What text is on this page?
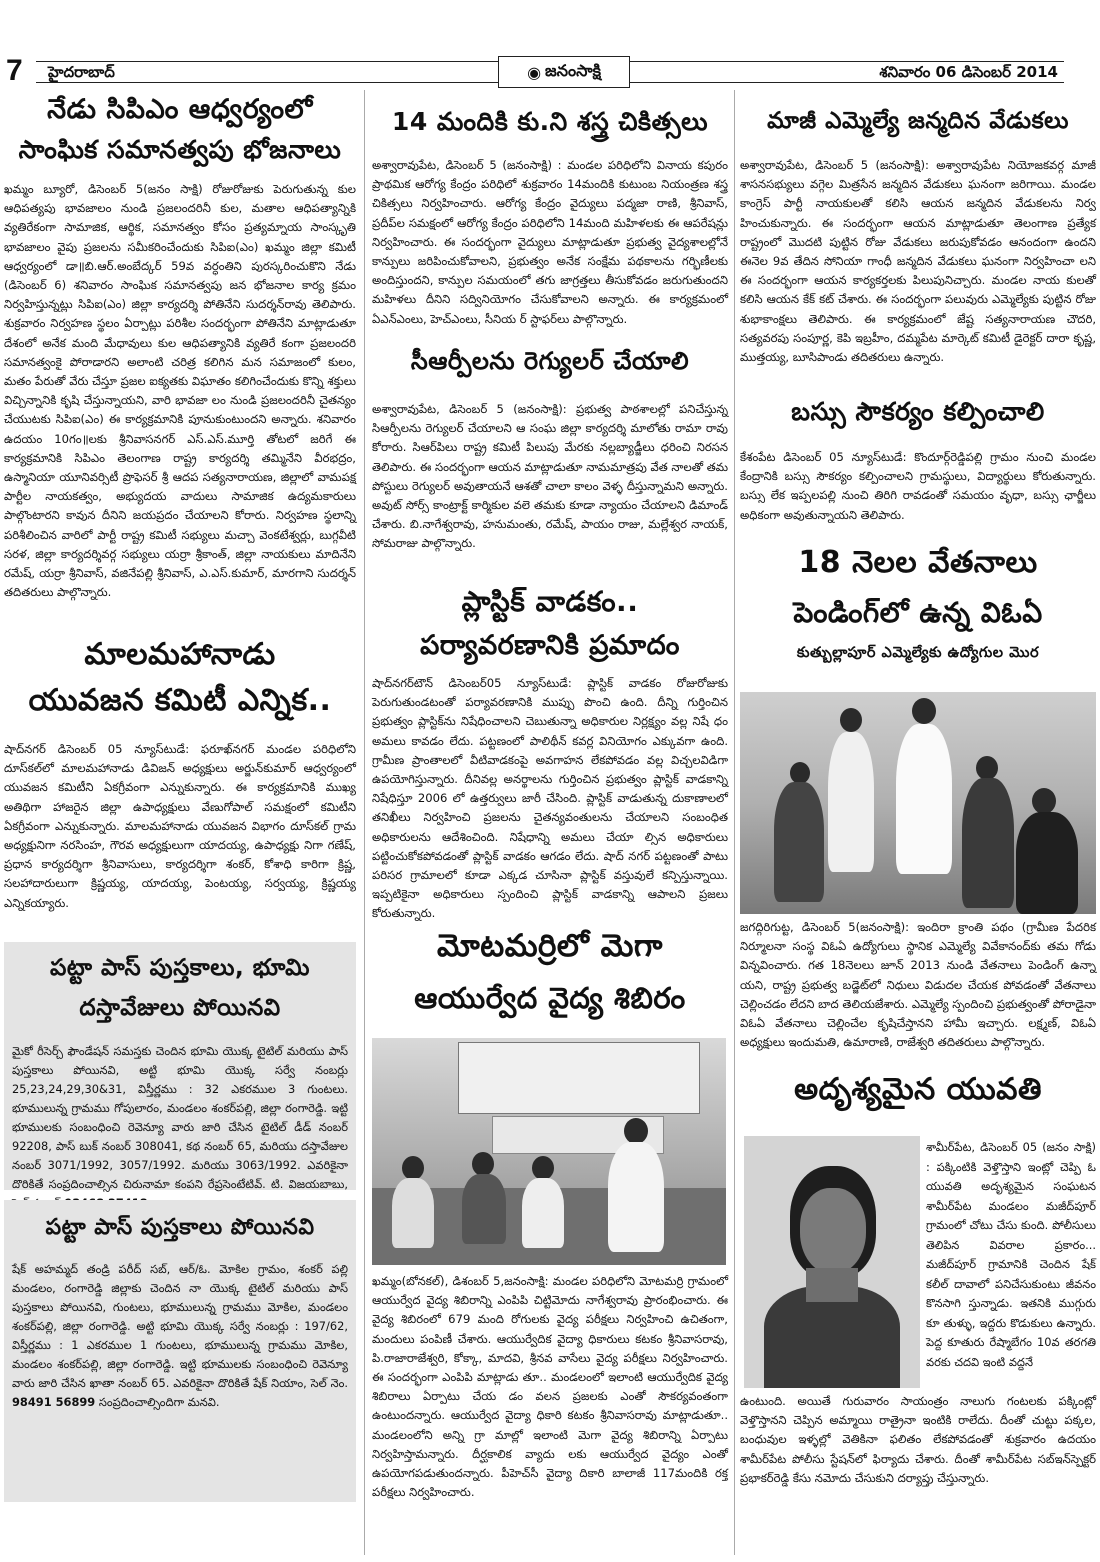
7	హైదరాబాద్	◉ జనంసాక్షి	శనివారం 06 డిసెంబర్ 2014
నేడు సిపిఎం ఆధ్వర్యంలో
సాంఘిక సమానత్వపు భోజనాలు

ఖమ్మం బ్యూరో, డిసెంబర్ 5(జనం సాక్షి) రోజురోజుకు పెరుగుతున్న కుల ఆధిపత్యపు భావజాలం నుండి ప్రజలందరినీ కుల, మతాల ఆధిపత్యాన్నికి వ్యతిరేకంగా సామాజిక, ఆర్థిక, సమానత్వం కోసం ప్రత్యమ్నాయ సాంస్కృతి భావజాలం వైపు ప్రజలను సమీకరించేందుకు సిపిఐ(ఎం) ఖమ్మం జిల్లా కమిటీ ఆధ్వర్యంలో డా॥బి.ఆర్.అంబేద్కర్ 59వ వర్ధంతిని పురస్కరించుకొని నేడు (డిసెంబర్ 6) శనివారం సాంఘిక సమానత్వపు జన భోజనాల కార్య క్రమం నిర్వహిస్తున్నట్లు సిపిఐ(ఎం) జిల్లా కార్యదర్శి పోతినేని సుదర్శన్‌రావు తెలిపారు. శుక్రవారం నిర్వహణ స్థలం ఏర్పాట్లు పరిశీల సందర్భంగా పోతినేని మాట్లాడుతూ దేశంలో అనేక మంది మేధావులు కుల ఆధిపత్యానికి వ్యతిరే కంగా ప్రజలందరి సమానత్వంకై పోరాడారని అలాంటి చరిత్ర కలిగిన మన సమాజంలో కులం, మతం పేరుతో వేరు చేస్తూ ప్రజల ఐక్యతకు విఘాతం కలిగించేందుకు కొన్ని శక్తులు విచ్చిన్నానికి కృషి చేస్తున్నాయని, వారి భావజా లం నుండి ప్రజలందరినీ చైతన్యం చేయుటకు సిపిఐ(ఎం) ఈ కార్యక్రమానికి పూనుకుంటుందని అన్నారు. శనివారం ఉదయం 10గం॥లకు శ్రీనివాసనగర్ ఎస్.ఎస్.మూర్తి తోటలో జరిగే ఈ కార్యక్రమానికి సిపిఎం తెలంగాణ రాష్ట్ర కార్యదర్శి తమ్మినేని వీరభద్రం, ఉస్మానియా యూనివర్సిటీ ప్రొఫెసర్ శ్రీ ఆదప సత్యనారాయణ, జిల్లాలో వామపక్ష పార్టీల నాయకత్వం, అభ్యుదయ వాదులు సామాజిక ఉద్యమకారులు పాల్గొంటారని కావున దీనిని జయప్రదం చేయాలని కోరారు. నిర్వహణ స్థలాన్ని పరిశీలించిన వారిలో పార్టీ రాష్ట్ర కమిటీ సభ్యులు మచ్చా వెంకటేశ్వర్లు, బుగ్గవీటి సరళ, జిల్లా కార్యదర్శివర్గ సభ్యులు యర్రా శ్రీకాంత్, జిల్లా నాయకులు మాదినేని రమేష్, యర్రా శ్రీనివాస్, వజినేపల్లి శ్రీనివాస్, ఎ.ఎస్.కుమార్, మారగాని సుదర్శన్ తదితరులు పాల్గొన్నారు.

మాలమహానాడు
యువజన కమిటీ ఎన్నిక..

షాద్‌నగర్ డిసెంబర్ 05 న్యూస్‌టుడే: ఫరూఖ్‌నగర్ మండల పరిధిలోని దూస్‌కల్‌లో మాలమహానాడు డివిజన్ అధ్యక్షులు అర్జున్‌కుమార్ ఆధ్వర్యంలో యువజన కమిటీని ఏకగ్రీవంగా ఎన్నుకున్నారు. ఈ కార్యక్రమానికి ముఖ్య అతిథిగా హాజరైన జిల్లా ఉపాధ్యక్షులు వేణుగోపాల్ సమక్షంలో కమిటీని ఏకగ్రీవంగా ఎన్నుకున్నారు. మాలమహానాడు యువజన విభాగం దూస్‌కల్ గ్రామ అధ్యక్షునిగా నరసింహ, గౌరవ అధ్యక్షులుగా యాదయ్య, ఉపాధ్యక్షు నిగా గణేష్, ప్రధాన కార్యదర్శిగా శ్రీనివాసులు, కార్యదర్శిగా శంకర్, కోశాధి కారిగా క్రిష్ణ, సలహాదారులుగా క్రిష్ణయ్య, యాదయ్య, పెంటయ్య, సర్వయ్య, క్రిష్ణయ్య ఎన్నికయ్యారు.

పట్టా పాస్ పుస్తకాలు, భూమి
దస్తావేజులు పోయినవి

మైకో రీసెర్చ్ ఫౌండేషన్ సమస్తకు చెందిన భూమి యొక్క టైటిల్ మరియు పాస్ పుస్తకాలు పోయినవి, అట్టి భూమి యొక్క సర్వే నంబర్లు 25,23,24,29,30&31, విస్తీర్ణము : 32 ఎకరముల 3 గుంటలు. భూములున్న గ్రామము గోపులారం, మండలం శంకర్‌పల్లి, జిల్లా రంగారెడ్డి. ఇట్టి భూములకు సంబంధించి రెవెన్యూ వారు జారి చేసిన టైటిల్ డీడ్ నంబర్ 92208, పాస్ బుక్ నంబర్ 308041, కథ నంబర్ 65, మరియు దస్తావేజుల నంబర్ 3071/1992, 3057/1992. మరియు 3063/1992. ఎవరికైనా దొరికితే సంప్రదించాల్సిన చిరునామా కంపని రేప్రసెంటేటివ్. టి. విజయబాబు,

పట్టా పాస్ పుస్తకాలు పోయినవి

షేక్ అహమ్మద్ తండ్రి పరీద్ సబ్, ఆర్/ఓ. మోకిల గ్రామం, శంకర్ పల్లి మండలం, రంగారెడ్డి జిల్లాకు చెందిన నా యొక్క టైటిల్ మరియు పాస్ పుస్తకాలు పోయినవి, గుంటలు, భూములున్న గ్రామము మోకిల, మండలం శంకర్‌పల్లి, జిల్లా రంగారెడ్డి. అట్టి భూమి యొక్క సర్వే నంబర్లు : 197/62, విస్తీర్ణము : 1 ఎకరముల 1 గుంటలు, భూములున్న గ్రామము మోకిల, మండలం శంకర్‌పల్లి, జిల్లా రంగారెడ్డి. ఇట్టి భూములకు సంబంధించి రెవెన్యూ వారు జారి చేసిన ఖాతా నంబర్ 65. ఎవరికైనా దొరికితే షేక్ నియాం, సెల్ నెం. 98491 56899 సంప్రదించాల్సిందిగా మనవి.

14 మందికి కు.ని శస్త్ర చికిత్సలు

అశ్వారావుపేట, డిసెంబర్ 5 (జనంసాక్షి) : మండల పరిధిలోని వినాయ కపురం ప్రాథమిక ఆరోగ్య కేంద్రం పరిధిలో శుక్రవారం 14మందికి కుటుంబ నియంత్రణ శస్త్ర చికిత్సలు నిర్వహించారు. ఆరోగ్య కేంద్రం వైద్యులు పద్మజా రాణి, శ్రీనివాస్, ప్రదీప్‌ల సమక్షంలో ఆరోగ్య కేంద్రం పరిధిలోని 14మంది మహిళలకు ఈ ఆపరేషన్లు నిర్వహించారు. ఈ సందర్భంగా వైద్యులు మాట్లాడుతూ ప్రభుత్వ వైద్యశాలల్లోనే కాన్పులు జరిపించుకోవాలని, ప్రభుత్వం అనేక సంక్షేమ పథకాలను గర్భిణీలకు అందిస్తుందని, కాన్పుల సమయంలో తగు జాగ్రత్తలు తీసుకోవడం జరుగుతుందని మహిళలు దీనిని సద్వినియోగం చేసుకోవాలని అన్నారు. ఈ కార్యక్రమంలో ఏఎన్ఎంలు, హెచ్ఎంలు, సీనియ ర్ స్టాఫర్‌లు పాల్గొన్నారు.

సీఆర్పీలను రెగ్యులర్ చేయాలి

అశ్వారావుపేట, డిసెంబర్ 5 (జనంసాక్షి): ప్రభుత్వ పాఠశాలల్లో పనిచేస్తున్న సిఆర్పీలను రెగ్యులర్ చేయాలని ఆ సంఘ జిల్లా కార్యదర్శి మాలోతు రామా రావు కోరారు. సిఆర్‌పిలు రాష్ట్ర కమిటీ పిలుపు మేరకు నల్లబ్యాడ్జీలు ధరించి నిరసన తెలిపారు. ఈ సందర్భంగా ఆయన మాట్లాడుతూ నామమాత్రపు వేత నాలతో తమ పోస్టులు రెగ్యులర్ అవుతాయనే ఆశతో చాలా కాలం వెళ్ళ దీస్తున్నామని అన్నారు. అవుట్ సోర్స్ కాంట్రాక్ట్ కార్మికుల వలె తమకు కూడా న్యాయం చేయాలని డిమాండ్ చేశారు. బి.నాగేశ్వరావు, హనుమంతు, రమేష్, పాయం రాజు, మల్లేశ్వర నాయక్, సోమరాజు పాల్గొన్నారు.

ప్లాస్టిక్ వాడకం..
పర్యావరణానికి ప్రమాదం

షాద్‌నగర్‌టౌన్ డిసెంబర్05 న్యూస్‌టుడే: ప్లాస్టిక్ వాడకం రోజురోజుకు పెరుగుతుండటంతో పర్యావరణానికి ముప్పు పొంచి ఉంది. దీన్ని గుర్తించిన ప్రభుత్వం ప్లాస్టిక్‌ను నిషేధించాలని చెబుతున్నా అధికారుల నిర్లక్ష్యం వల్ల నిషే ధం అమలు కావడం లేదు. పట్టణంలో పాలిథీన్ కవర్ల వినియోగం ఎక్కువగా ఉంది. గ్రామీణ ప్రాంతాలలో వీటివాడకంపై అవగాహన లేకపోవడం వల్ల విచ్చలవిడిగా ఉపయోగిస్తున్నారు. దీనివల్ల అనర్థాలను గుర్తించిన ప్రభుత్వం ప్లాస్టిక్ వాడకాన్ని నిషేధిస్తూ 2006 లో ఉత్తర్వులు జారీ చేసింది. ప్లాస్టిక్ వాడుతున్న దుకాణాలలో తనిఖీలు నిర్వహించి ప్రజలను చైతన్యవంతులను చేయాలని సంబంధిత అధికారులను ఆదేశించింది. నిషేధాన్ని అమలు చేయా ల్సిన అధికారులు పట్టించుకోకపోవడంతో ప్లాస్టిక్ వాడకం ఆగడం లేదు. షాద్ నగర్ పట్టణంతో పాటు పరిసర గ్రామాలలో కూడా ఎక్కడ చూసినా ప్లాస్టిక్ వస్తువులే కన్పిస్తున్నాయి. ఇప్పటికైనా అధికారులు స్పందించి ప్లాస్టిక్ వాడకాన్ని ఆపాలని ప్రజలు కోరుతున్నారు.

మోటమర్రిలో మెగా
ఆయుర్వేద వైద్య శిబిరం

ఖమ్మం(బోనకల్), డిశంబర్ 5,జనంసాక్షి: మండల పరిధిలోని మోటమర్రి గ్రామంలో ఆయుర్వేద వైద్య శిబిరాన్ని ఎంపిపి చిట్టిమోదు నాగేశ్వరావు ప్రారంభించారు. ఈ వైద్య శిబిరంలో 679 మంది రోగులకు వైద్య పరీక్షలు నిర్వహించి ఉచితంగా, మందులు పంపిణీ చేశారు. ఆయుర్వేదిక వైద్యా ధికారులు కటకం శ్రీనివాసరావు, పి.రాజారాజేశ్వరి, కోక్కా, మాదవి, శ్రీనవ వాసేలు వైద్య పరీక్షలు నిర్వహించారు. ఈ సందర్భంగా ఎంపిపి మాట్లాడు తూ.. మండలంలో ఇలాంటి ఆయుర్వేదిక వైద్య శిబిరాలు ఏర్పాటు చేయ డం వలన ప్రజలకు ఎంతో సౌకర్యవంతంగా ఉంటుందన్నారు. ఆయుర్వేద వైద్యా ధికారి కటకం శ్రీనివాసరావు మాట్లాడుతూ.. మండలంలోని అన్ని గ్రా మాల్లో ఇలాంటి మెగా వైద్య శిబిరాన్ని ఏర్పాటు నిర్వహిస్తామన్నారు. దీర్ఘకాలిక వ్యాదు లకు ఆయుర్వేద వైద్యం ఎంతో ఉపయోగపడుతుందన్నారు. పీహెచ్‌సీ వైద్యా దికారి బాలాజీ 117మందికి రక్త పరీక్షలు నిర్వహించారు.

మాజీ ఎమ్మెల్యే జన్మదిన వేడుకలు

అశ్వారావుపేట, డిసెంబర్ 5 (జనంసాక్షి): అశ్వారావుపేట నియోజకవర్గ మాజీ శాసనసభ్యులు వగ్గెల మిత్రసేన జన్మదిన వేడుకలు ఘనంగా జరిగాయి. మండల కాంగ్రెస్ పార్టీ నాయకులతో కలిసి ఆయన జన్మదిన వేడుకలను నిర్వ హించుకున్నారు. ఈ సందర్భంగా ఆయన మాట్లాడుతూ తెలంగాణ ప్రత్యేక రాష్ట్రంలో మొదటి పుట్టిన రోజు వేడుకలు జరుపుకోవడం ఆనందంగా ఉందని ఈనెల 9వ తేదిన సోనియా గాంధీ జన్మదిన వేడుకలు ఘనంగా నిర్వహించా లని ఈ సందర్భంగా ఆయన కార్యకర్తలకు పిలుపునిచ్చారు. మండల నాయ కులతో కలిసి ఆయన కేక్ కట్ చేశారు. ఈ సందర్భంగా పలువురు ఎమ్మెల్యేకు పుట్టిన రోజు శుభాకాంక్షలు తెలిపారు. ఈ కార్యక్రమంలో జేష్ట సత్యనారాయణ చౌదరి, సత్యవరపు సంపూర్ణ, కెపి ఇబ్రహీం, దమ్మపేట మార్కెట్ కమిటీ డైరెక్టర్ దారా కృష్ణ, ముత్తయ్య, బూసిపాండు తదితరులు ఉన్నారు.

బస్సు సౌకర్యం కల్పించాలి

కేశంపేట డిసెంబర్ 05 న్యూస్‌టుడే: కొందూర్గ్‌రెడ్డిపల్లి గ్రామం నుంచి మండల కేంద్రానికి బస్సు సౌకర్యం కల్పించాలని గ్రామస్థులు, విద్యార్థులు కోరుతున్నారు. బస్సు లేక ఇప్పలపల్లి నుంచి తిరిగి రావడంతో సమయం వృధా, బస్సు ఛార్జీలు అధికంగా అవుతున్నాయని తెలిపారు.

18 నెలల వేతనాలు
పెండింగ్‌లో ఉన్న విఓఏ
కుత్బుల్లాపూర్ ఎమ్మెల్యేకు ఉద్యోగుల మొర

జగద్గిరిగుట్ట, డిసెంబర్ 5(జనంసాక్షి): ఇందిరా క్రాంతి పథం (గ్రామీణ పేదరిక నిర్మూలనా సంస్థ విఓఏ ఉద్యోగులు స్థానిక ఎమ్మెల్యే వివేకానంద్‌కు తమ గోడు విన్నవించారు. గత 18నెలలు జూన్ 2013 నుండి వేతనాలు పెండింగ్ ఉన్నా యని, రాష్ట్ర ప్రభుత్వ బడ్జెట్‌లో నిధులు విడుదల చేయక పోవడంతో వేతనాలు చెల్లించడం లేదని బాద తెలియజేశారు. ఎమ్మెల్యే స్పందించి ప్రభుత్వంతో పోరాడైనా విఓఏ వేతనాలు చెల్లించేల కృషిచేస్తానని హామీ ఇచ్చారు. లక్ష్మణ్, విఓఏ అధ్యక్షులు ఇందుమతి, ఉమారాణి, రాజేశ్వరి తదితరులు పాల్గొన్నారు.

అదృశ్యమైన యువతి

శామీర్‌పేట, డిసెంబర్ 05 (జనం సాక్షి) : పక్కింటికి వెళ్తొస్తాని ఇంట్లో చెప్పి ఓ యువతి అదృశ్యమైన సంఘటన శామీర్‌పేట మండలం మజీద్‌పూర్ గ్రామంలో చోటు చేసు కుంది. పోలీసులు తెలిపిన వివరాల ప్రకారం... మజీద్‌పూర్ గ్రామానికి చెందిన షేక్ కలీల్ దావాలో పనిచేసుకుంటు జీవనం కొనసాగి స్తున్నాడు. ఇతనికి ముగ్గురు కూ తుళ్ళు, ఇద్దరు కొడుకులు ఉన్నారు. పెద్ద కూతురు రేష్మాబేగం 10వ తరగతి వరకు చదవి ఇంటి వద్దనే

ఉంటుంది. అయితే గురువారం సాయంత్రం నాలుగు గంటలకు పక్కింట్లో వెళ్తొస్తానని చెప్పిన అమ్మాయి రాత్రైనా ఇంటికి రాలేదు. దీంతో చుట్టు పక్కల, బంధువుల ఇళ్ళల్లో వెతికినా ఫలితం లేకపోవడంతో శుక్రవారం ఉదయం శామీర్‌పేట పోలీసు స్టేషన్‌లో ఫిర్యాదు చేశారు. దీంతో శామీర్‌పేట సబ్‌ఇన్‌స్పెక్టర్ ప్రభాకర్‌రెడ్డి కేసు నమోదు చేసుకుని దర్యాప్తు చేస్తున్నారు.
